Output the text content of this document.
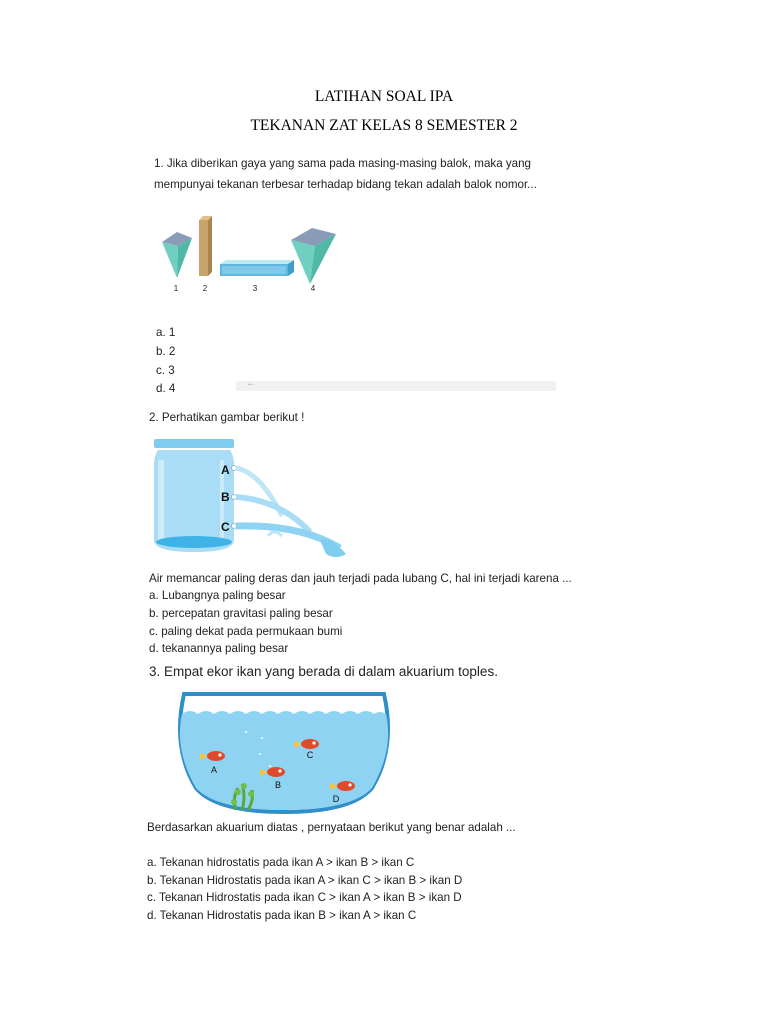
LATIHAN SOAL IPA
TEKANAN ZAT KELAS 8 SEMESTER 2
1. Jika diberikan gaya yang sama pada masing-masing balok, maka yang
mempunyai tekanan terbesar terhadap bidang tekan adalah balok nomor...
1	2	3	4
a. 1
b. 2
c. 3
d. 4	←
2. Perhatikan gambar berikut !
A
B
C
Air memancar paling deras dan jauh terjadi pada lubang C, hal ini terjadi karena ...
a. Lubangnya paling besar
b. percepatan gravitasi paling besar
c. paling dekat pada permukaan bumi
d. tekanannya paling besar
3. Empat ekor ikan yang berada di dalam akuarium toples.
A
B
C
D
Berdasarkan akuarium diatas , pernyataan berikut yang benar adalah ...
a. Tekanan hidrostatis pada ikan A > ikan B > ikan C
b. Tekanan Hidrostatis pada ikan A > ikan C > ikan B > ikan D
c. Tekanan Hidrostatis pada ikan C > ikan A > ikan B > ikan D
d. Tekanan Hidrostatis pada ikan B > ikan A > ikan C
